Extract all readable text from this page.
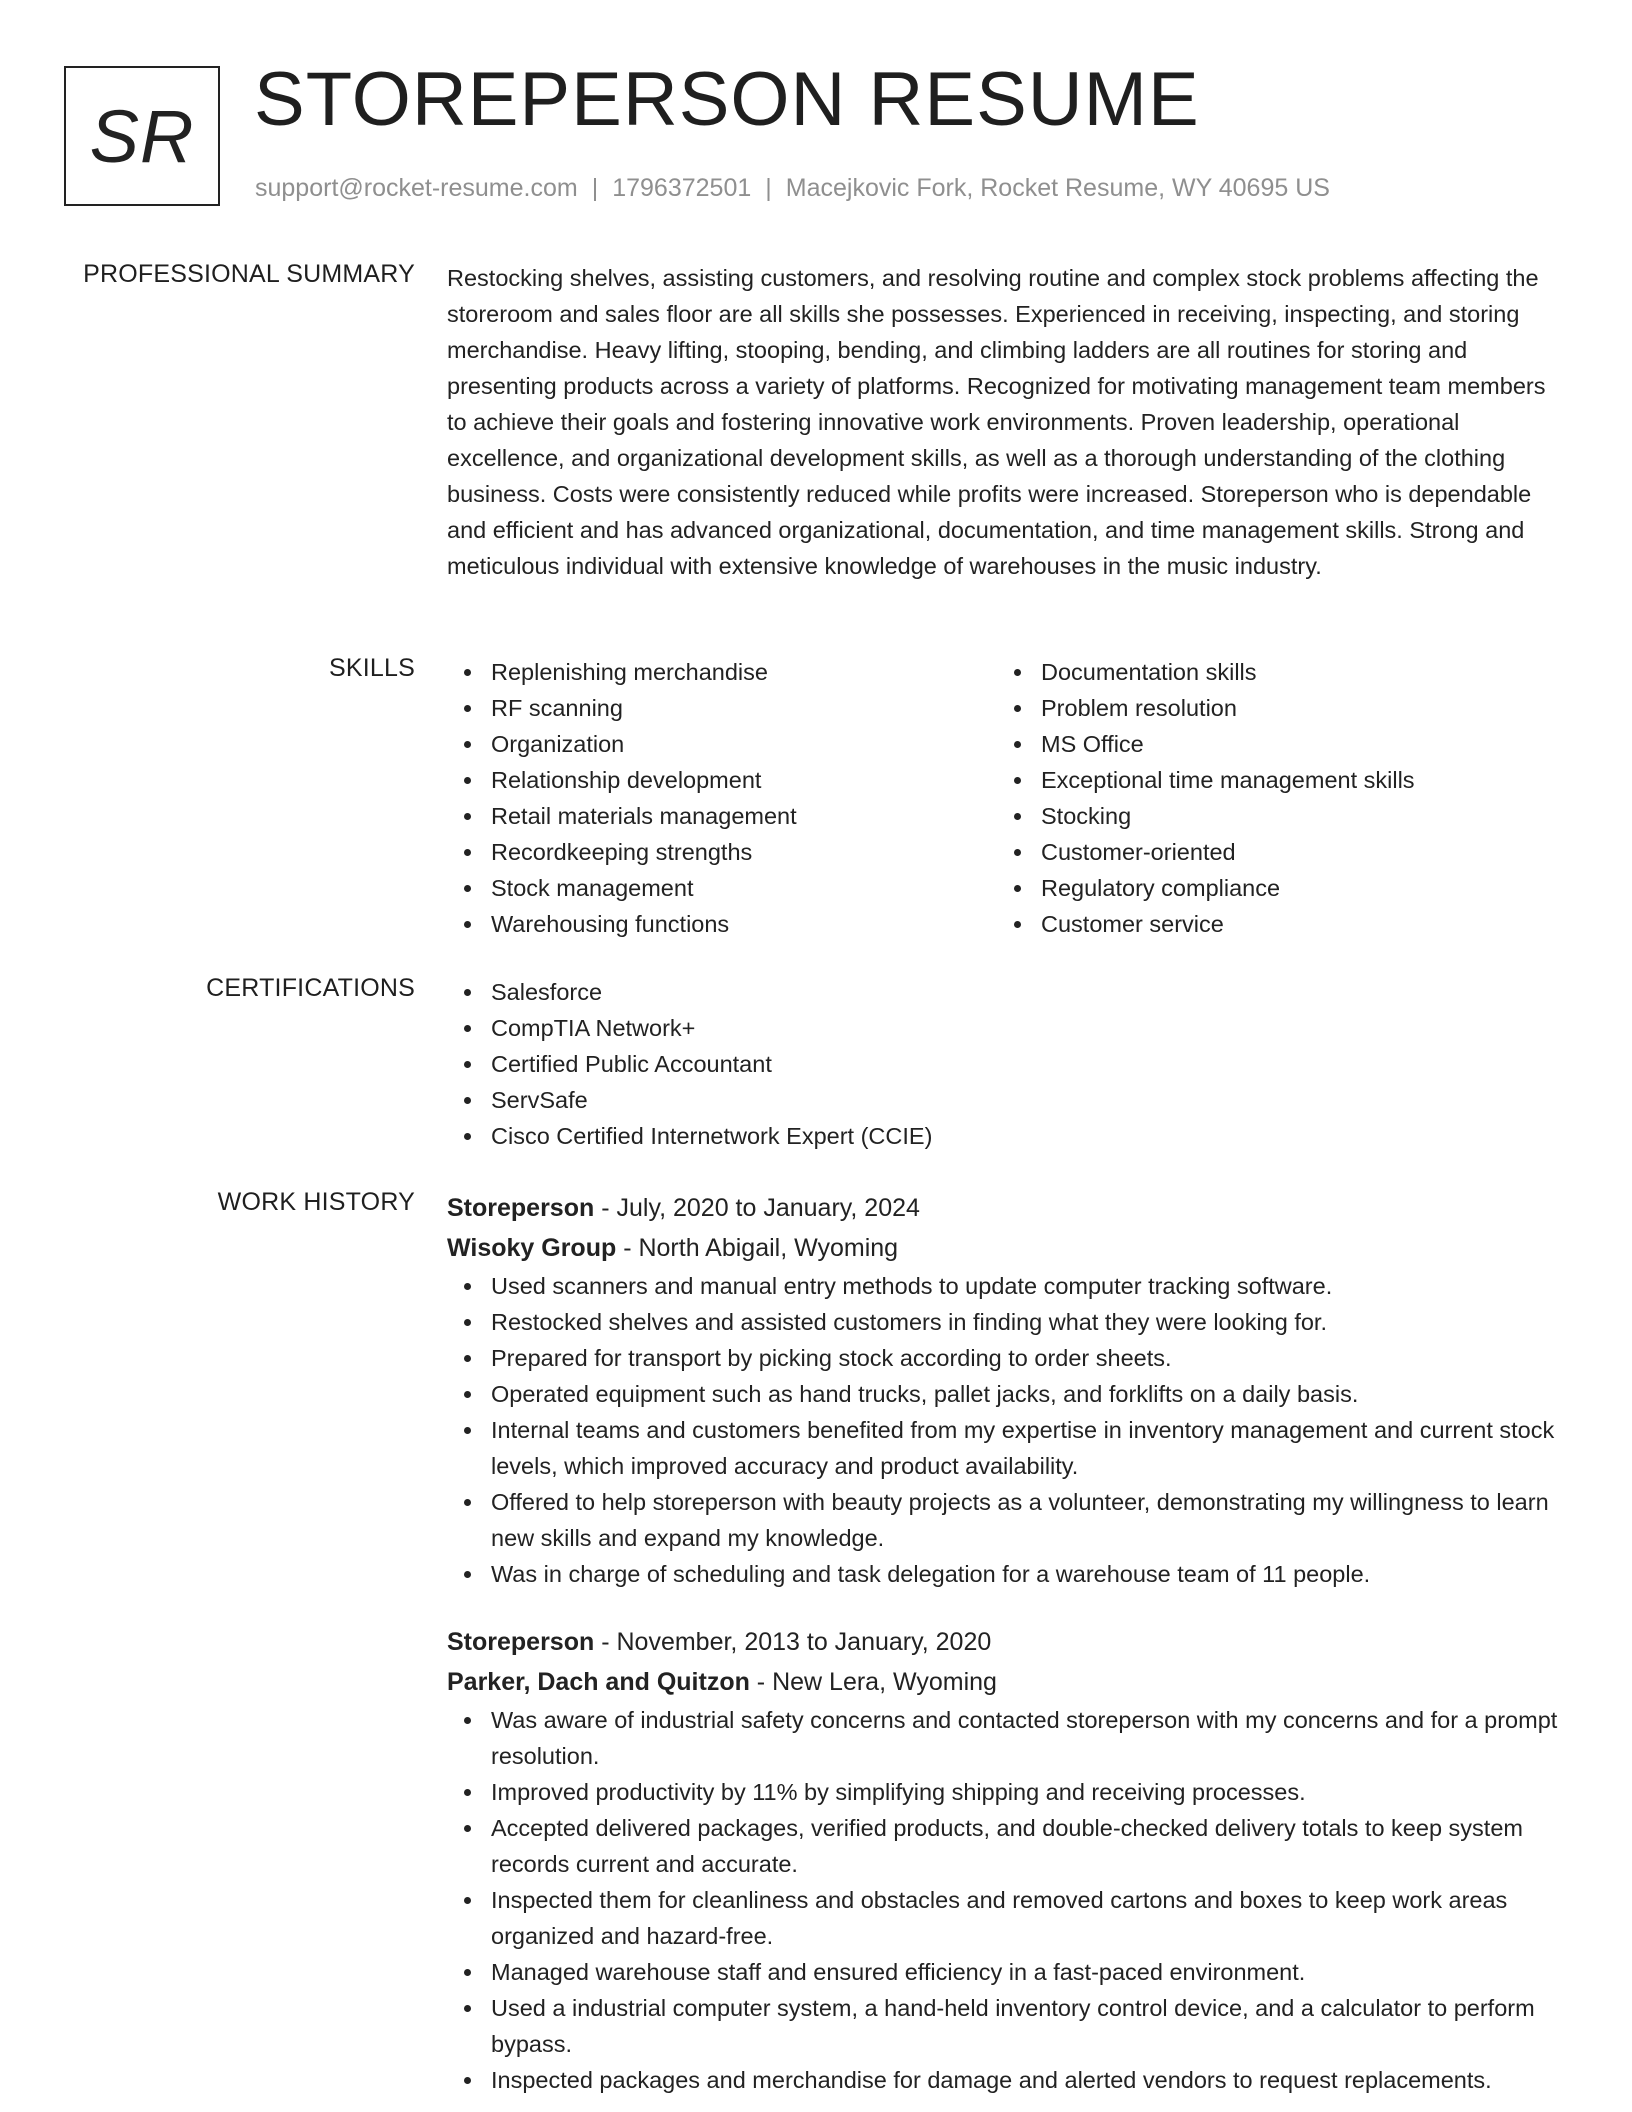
SR STOREPERSON RESUME
support@rocket-resume.com | 1796372501 | Macejkovic Fork, Rocket Resume, WY 40695 US
PROFESSIONAL SUMMARY Restocking shelves, assisting customers, and resolving routine and complex stock problems affecting the storeroom and sales floor are all skills she possesses. Experienced in receiving, inspecting, and storing merchandise. Heavy lifting, stooping, bending, and climbing ladders are all routines for storing and presenting products across a variety of platforms. Recognized for motivating management team members to achieve their goals and fostering innovative work environments. Proven leadership, operational excellence, and organizational development skills, as well as a thorough understanding of the clothing business. Costs were consistently reduced while profits were increased. Storeperson who is dependable and efficient and has advanced organizational, documentation, and time management skills. Strong and meticulous individual with extensive knowledge of warehouses in the music industry.

SKILLS	Replenishing merchandise
RF scanning
Organization
Relationship development
Retail materials management
Recordkeeping strengths
Stock management
Warehousing functions
Documentation skills
Problem resolution
MS Office
Exceptional time management skills
Stocking
Customer-oriented
Regulatory compliance
Customer service
CERTIFICATIONS	Salesforce
CompTIA Network+
Certified Public Accountant
ServSafe
Cisco Certified Internetwork Expert (CCIE)
WORK HISTORY Storeperson - July, 2020 to January, 2024
Wisoky Group - North Abigail, Wyoming
Used scanners and manual entry methods to update computer tracking software.
Restocked shelves and assisted customers in finding what they were looking for.
Prepared for transport by picking stock according to order sheets.
Operated equipment such as hand trucks, pallet jacks, and forklifts on a daily basis.
Internal teams and customers benefited from my expertise in inventory management and current stock levels, which improved accuracy and product availability.
Offered to help storeperson with beauty projects as a volunteer, demonstrating my willingness to learn new skills and expand my knowledge.
Was in charge of scheduling and task delegation for a warehouse team of 11 people.
Storeperson - November, 2013 to January, 2020
Parker, Dach and Quitzon - New Lera, Wyoming
Was aware of industrial safety concerns and contacted storeperson with my concerns and for a prompt resolution.
Improved productivity by 11% by simplifying shipping and receiving processes.
Accepted delivered packages, verified products, and double-checked delivery totals to keep system records current and accurate.
Inspected them for cleanliness and obstacles and removed cartons and boxes to keep work areas organized and hazard-free.
Managed warehouse staff and ensured efficiency in a fast-paced environment.
Used a industrial computer system, a hand-held inventory control device, and a calculator to perform bypass.
Inspected packages and merchandise for damage and alerted vendors to request replacements.
